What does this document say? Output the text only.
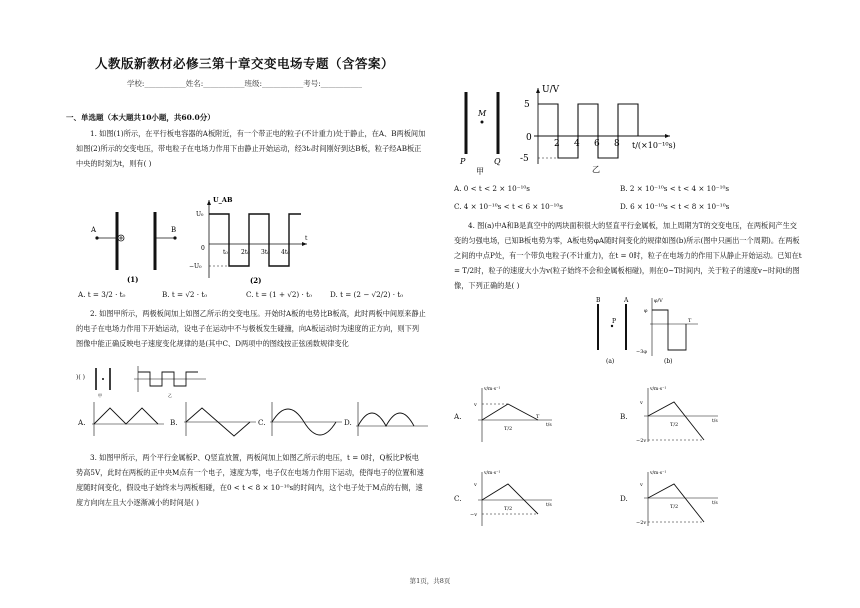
人教版新教材必修三第十章交变电场专题（含答案）
学校:___________姓名:___________班级:___________考号:___________
一、单选题（本大题共10小题，共60.0分）
1. 如图(1)所示，在平行板电容器的A板附近，有一个带正电的粒子(不计重力)处于静止，在A、B两板间加如图(2)所示的交变电压，带电粒子在电场力作用下由静止开始运动，经3t₀时间刚好到达B板，粒子经AB板正中央的时刻为t，则有( )
A	B
(1)
U_AB
U₀
−U₀
0
t₀ 2t₀ 3t₀ 4t₀
t
(2)
A. t = 3/2 · t₀	B. t = √2 · t₀	C. t = (1 + √2) · t₀	D. t = (2 − √2/2) · t₀
2. 如图甲所示，两极板间加上如图乙所示的交变电压。开始时A板的电势比B板高，此时两板中间原来静止的电子在电场力作用下开始运动，设电子在运动中不与极板发生碰撞，向A板运动时为速度的正方向，则下列图像中能正确反映电子速度变化规律的是(其中C、D两项中的图线按正弦函数规律变化
)( )
甲	乙
A.	B.	C.	D.
3. 如图甲所示，两个平行金属板P、Q竖直放置，两板间加上如图乙所示的电压，t = 0时，Q板比P板电势高5V，此时在两板的正中央M点有一个电子，速度为零，电子仅在电场力作用下运动，使得电子的位置和速度随时间变化，假设电子始终未与两板相碰，在0 < t < 8 × 10⁻¹⁰s的时间内，这个电子处于M点的右侧，速度方向向左且大小逐渐减小的时间是( )
M
P	Q
甲
U/V
5
-5
0
2 4 6 8 t/(×10⁻¹⁰s)
乙
A. 0 < t < 2 × 10⁻¹⁰s	B. 2 × 10⁻¹⁰s < t < 4 × 10⁻¹⁰s
C. 4 × 10⁻¹⁰s < t < 6 × 10⁻¹⁰s	D. 6 × 10⁻¹⁰s < t < 8 × 10⁻¹⁰s
4. 图(a)中A和B是真空中的两块面积很大的竖直平行金属板，加上周期为T的交变电压，在两板间产生交变的匀强电场，已知B板电势为零，A板电势φA随时间变化的规律如图(b)所示(图中只画出一个周期)。在两板之间的中点P处，有一个带负电粒子(不计重力)，在t = 0时，粒子在电场力的作用下从静止开始运动。已知在t = T/2时，粒子的速度大小为v(粒子始终不会和金属板相碰)，则在0~T时间内，关于粒子的速度v−时间t的图像，下列正确的是( )
B	A
P
(a)
φ/V
φ
−3φ
T
(b)
A.
v/m·s⁻¹
v
T/2
T
t/s
B.
v/m·s⁻¹
v
−2v
T/2
t/s
C.
v/m·s⁻¹
v
−v
T/2
t/s
D.
v/m·s⁻¹
v
−2v
T/2
t/s
第1页，共8页
